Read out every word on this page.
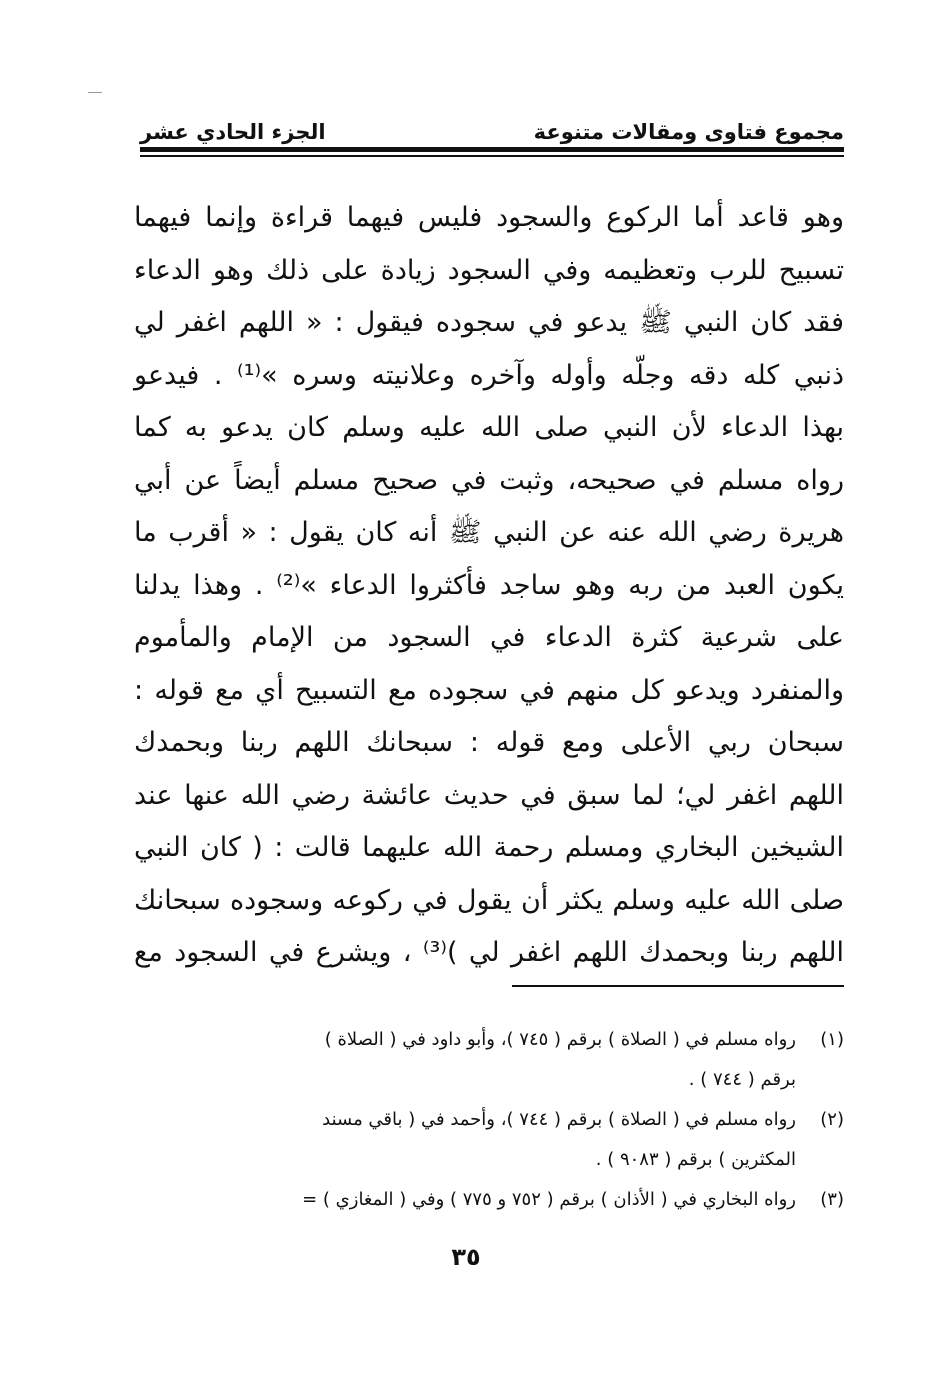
مجموع فتاوى ومقالات متنوعة
الجزء الحادي عشر
وهو قاعد أما الركوع والسجود فليس فيهما قراءة وإنما فيهما
تسبيح للرب وتعظيمه وفي السجود زيادة على ذلك وهو الدعاء
فقد كان النبي ﷺ يدعو في سجوده فيقول : « اللهم اغفر لي
ذنبي كله دقه وجلّه وأوله وآخره وعلانيته وسره »⁽¹⁾ . فيدعو
بهذا الدعاء لأن النبي صلى الله عليه وسلم كان يدعو به كما
رواه مسلم في صحيحه، وثبت في صحيح مسلم أيضاً عن أبي
هريرة رضي الله عنه عن النبي ﷺ أنه كان يقول : « أقرب ما
يكون العبد من ربه وهو ساجد فأكثروا الدعاء »⁽²⁾ . وهذا يدلنا
على شرعية كثرة الدعاء في السجود من الإمام والمأموم
والمنفرد ويدعو كل منهم في سجوده مع التسبيح أي مع قوله :
سبحان ربي الأعلى ومع قوله : سبحانك اللهم ربنا وبحمدك
اللهم اغفر لي؛ لما سبق في حديث عائشة رضي الله عنها عند
الشيخين البخاري ومسلم رحمة الله عليهما قالت : ( كان النبي
صلى الله عليه وسلم يكثر أن يقول في ركوعه وسجوده سبحانك
اللهم ربنا وبحمدك اللهم اغفر لي )⁽³⁾ ، ويشرع في السجود مع
(١)
رواه مسلم في ( الصلاة ) برقم ( ٧٤٥ )، وأبو داود في ( الصلاة )
برقم ( ٧٤٤ ) .
(٢)
رواه مسلم في ( الصلاة ) برقم ( ٧٤٤ )، وأحمد في ( باقي مسند
المكثرين ) برقم ( ٩٠٨٣ ) .
(٣)
رواه البخاري في ( الأذان ) برقم ( ٧٥٢ و ٧٧٥ ) وفي ( المغازي ) =
٣٥
